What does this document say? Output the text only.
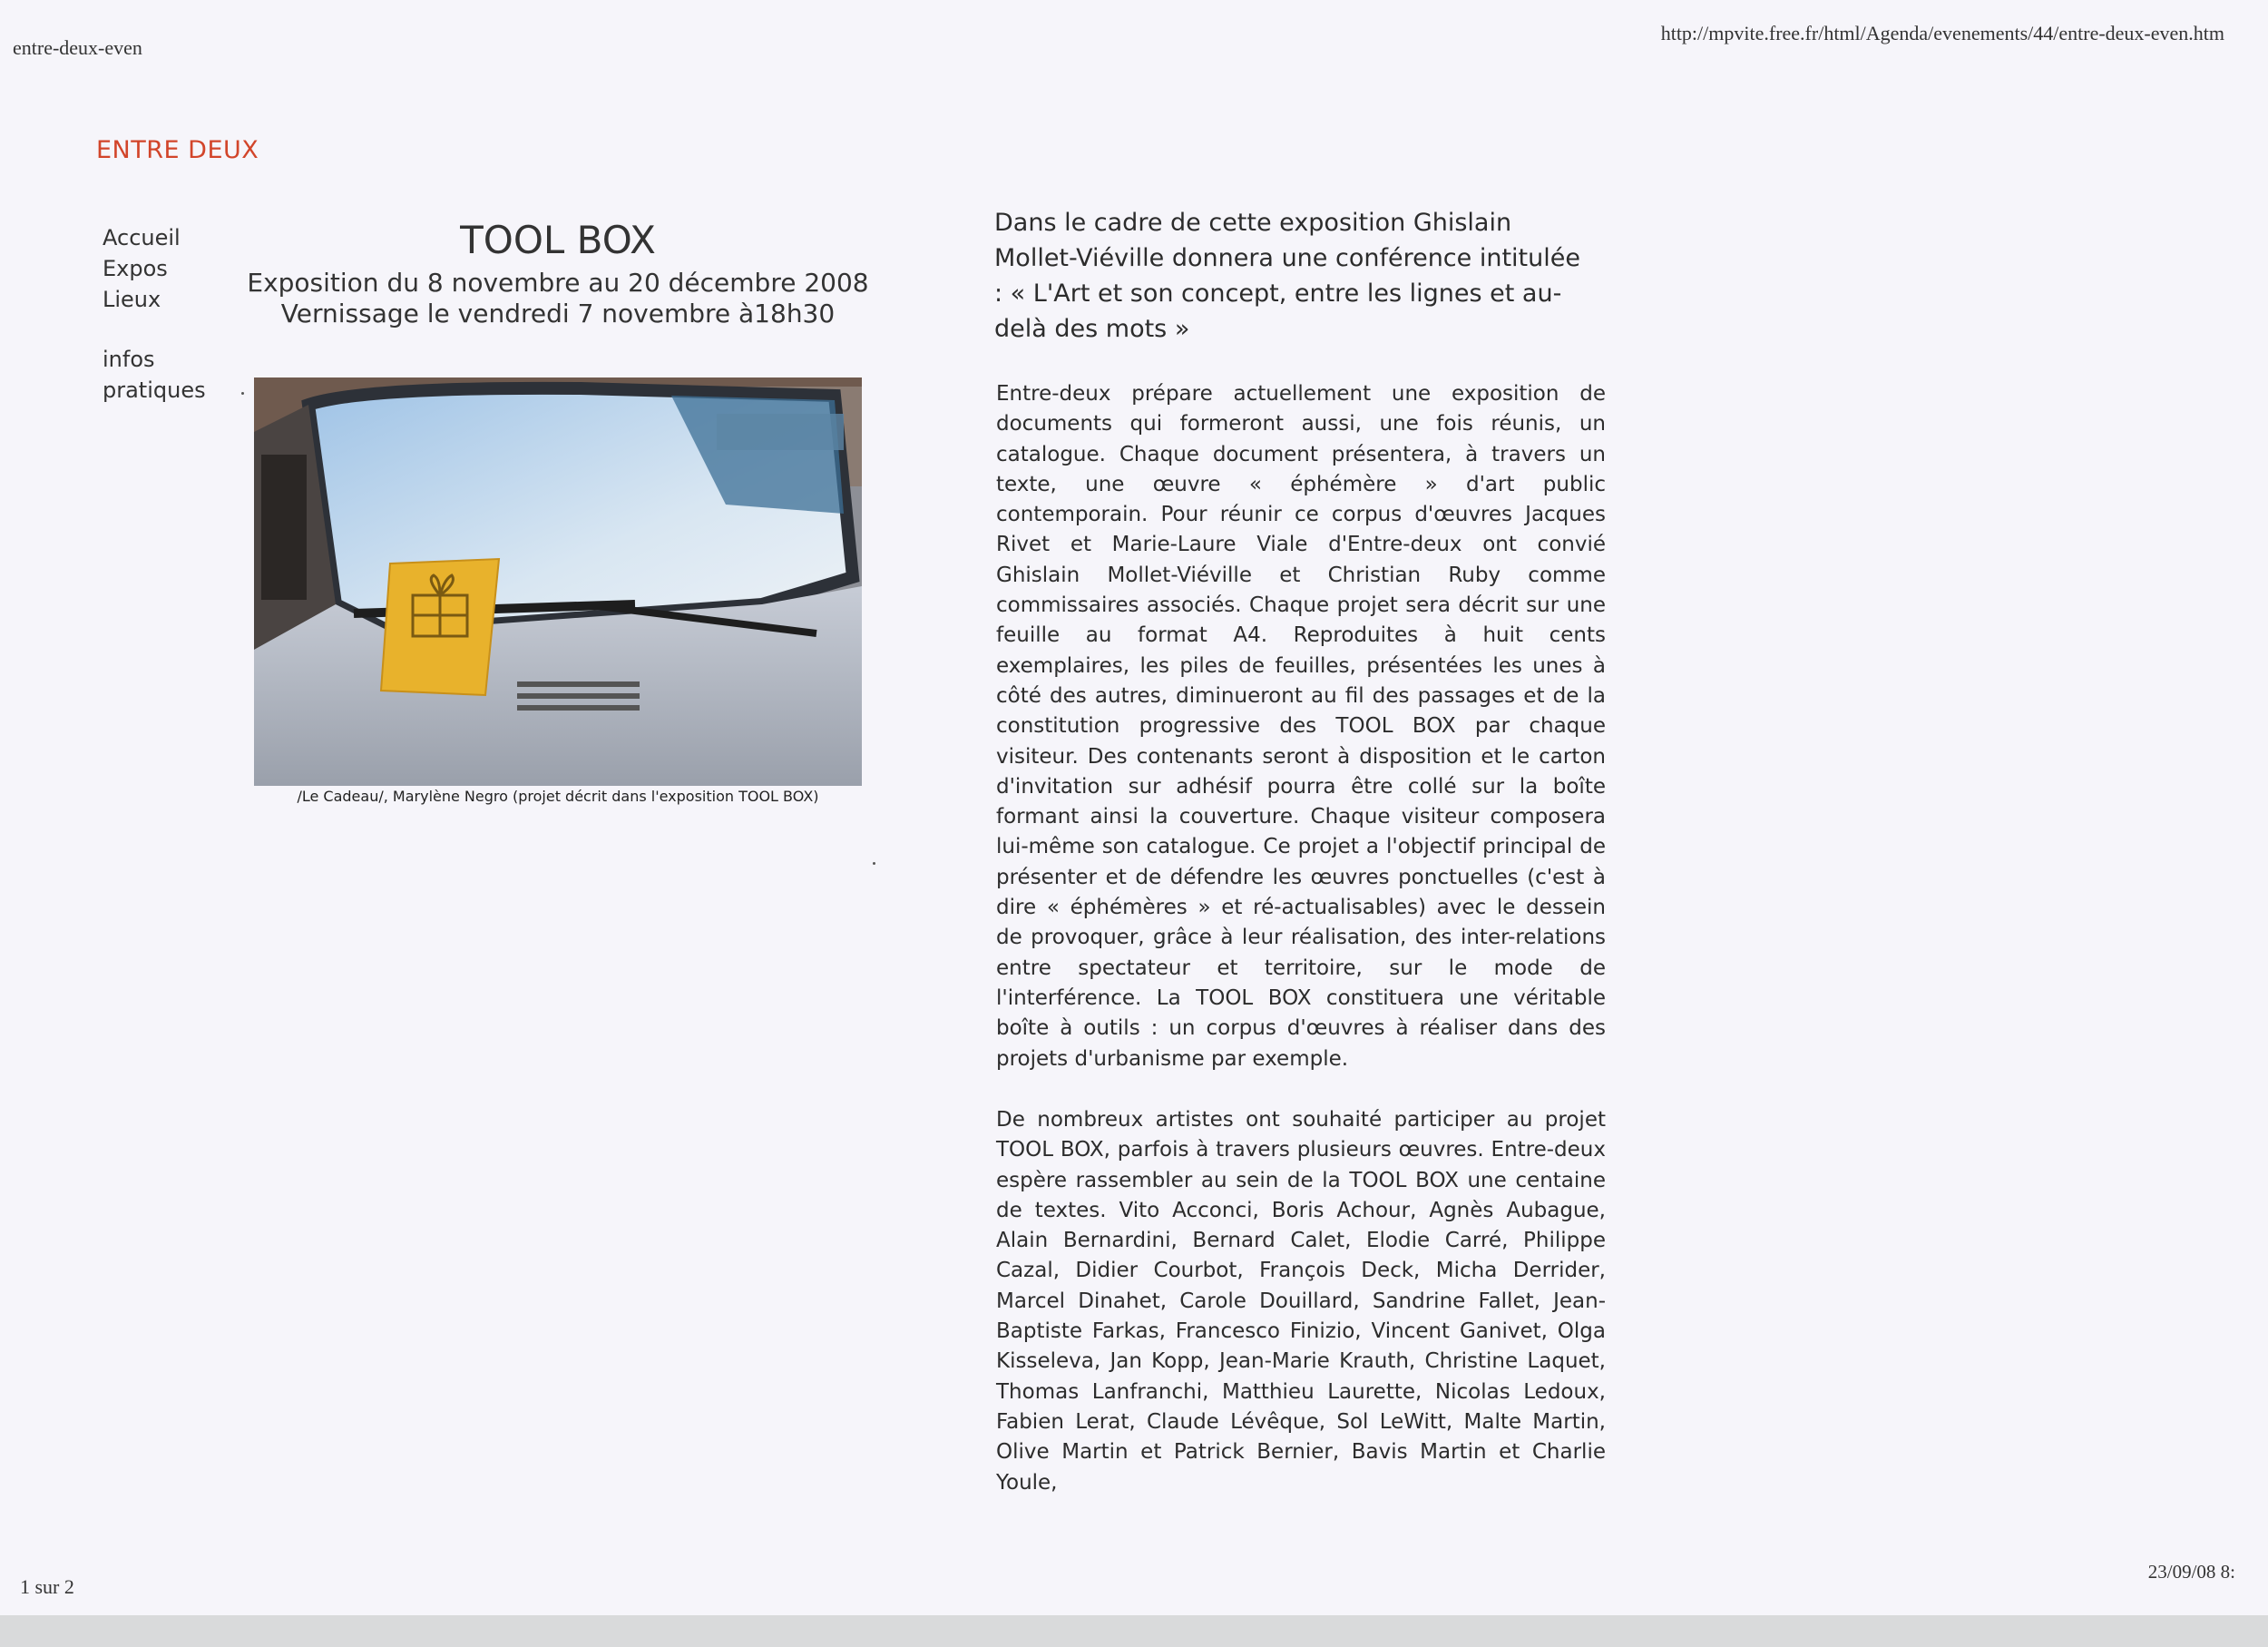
entre-deux-even
http://mpvite.free.fr/html/Agenda/evenements/44/entre-deux-even.htm
ENTRE DEUX
Accueil
Expos
Lieux
infos pratiques
TOOL BOX
Exposition du 8 novembre au 20 décembre 2008
Vernissage le vendredi 7 novembre à18h30
/Le Cadeau/, Marylène Negro (projet décrit dans l'exposition TOOL BOX)
Dans le cadre de cette exposition Ghislain Mollet-Viéville donnera une conférence intitulée : « L'Art et son concept, entre les lignes et au-delà des mots »

Entre-deux prépare actuellement une exposition de documents qui formeront aussi, une fois réunis, un catalogue. Chaque document présentera, à travers un texte, une œuvre « éphémère » d'art public contemporain. Pour réunir ce corpus d'œuvres Jacques Rivet et Marie-Laure Viale d'Entre-deux ont convié Ghislain Mollet-Viéville et Christian Ruby comme commissaires associés. Chaque projet sera décrit sur une feuille au format A4. Reproduites à huit cents exemplaires, les piles de feuilles, présentées les unes à côté des autres, diminueront au fil des passages et de la constitution progressive des TOOL BOX par chaque visiteur. Des contenants seront à disposition et le carton d'invitation sur adhésif pourra être collé sur la boîte formant ainsi la couverture. Chaque visiteur composera lui-même son catalogue. Ce projet a l'objectif principal de présenter et de défendre les œuvres ponctuelles (c'est à dire « éphémères » et ré-actualisables) avec le dessein de provoquer, grâce à leur réalisation, des inter-relations entre spectateur et territoire, sur le mode de l'interférence. La TOOL BOX constituera une véritable boîte à outils : un corpus d'œuvres à réaliser dans des projets d'urbanisme par exemple.

De nombreux artistes ont souhaité participer au projet TOOL BOX, parfois à travers plusieurs œuvres. Entre-deux espère rassembler au sein de la TOOL BOX une centaine de textes. Vito Acconci, Boris Achour, Agnès Aubague, Alain Bernardini, Bernard Calet, Elodie Carré, Philippe Cazal, Didier Courbot, François Deck, Micha Derrider, Marcel Dinahet, Carole Douillard, Sandrine Fallet, Jean-Baptiste Farkas, Francesco Finizio, Vincent Ganivet, Olga Kisseleva, Jan Kopp, Jean-Marie Krauth, Christine Laquet, Thomas Lanfranchi, Matthieu Laurette, Nicolas Ledoux, Fabien Lerat, Claude Lévêque, Sol LeWitt, Malte Martin, Olive Martin et Patrick Bernier, Bavis Martin et Charlie Youle,

1 sur 2
23/09/08 8:
